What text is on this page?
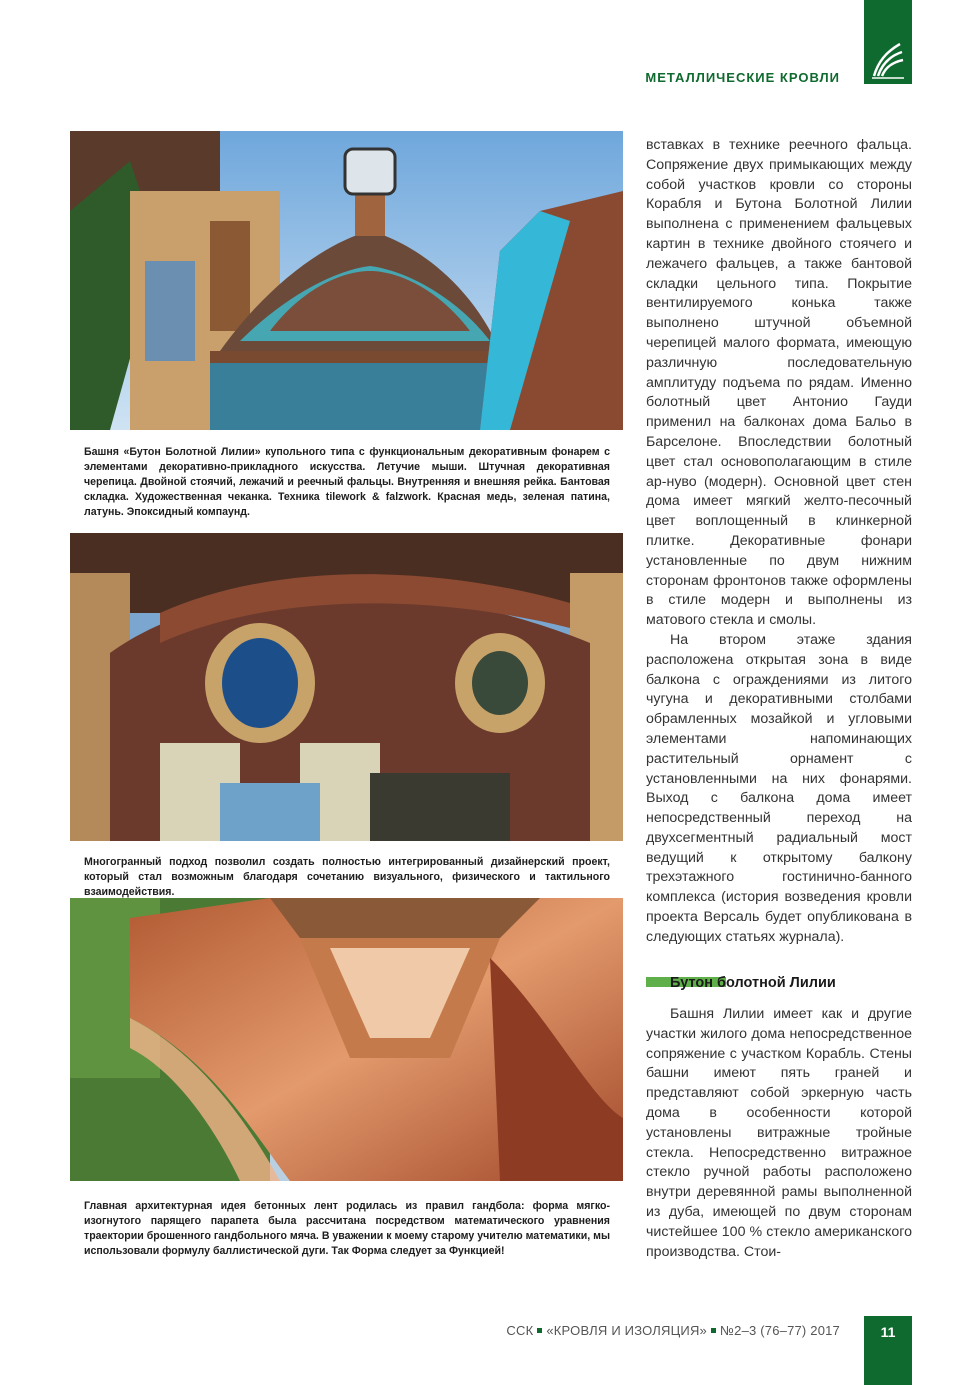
МЕТАЛЛИЧЕСКИЕ КРОВЛИ
Башня «Бутон Болотной Лилии» купольного типа с функциональным декоративным фонарем с элементами декоративно-прикладного искусства. Летучие мыши. Штучная декоративная черепица. Двойной стоячий, лежачий и реечный фальцы. Внутренняя и внешняя рейка. Бантовая складка. Художественная чеканка. Техника tilework & falzwork. Красная медь, зеленая патина, латунь. Эпоксидный компаунд.
Многогранный подход позволил создать полностью интегрированный дизайнерский проект, который стал возможным благодаря сочетанию визуального, физического и тактильного взаимодействия.
Главная архитектурная идея бетонных лент родилась из правил гандбола: форма мягко-изогнутого парящего парапета была рассчитана посредством математического уравнения траектории брошенного гандбольного мяча. В уважении к моему старому учителю математики, мы использовали формулу баллистической дуги. Так Форма следует за Функцией!

вставках в технике реечного фальца. Сопряжение двух примыкающих между собой участков кровли со стороны Корабля и Бутона Болотной Лилии выполнена с применением фальцевых картин в технике двойного стоячего и лежачего фальцев, а также бантовой складки цельного типа. Покрытие вентилируемого конька также выполнено штучной объемной черепицей малого формата, имеющую различную последовательную амплитуду подъема по рядам. Именно болотный цвет Антонио Гауди применил на балконах дома Бальо в Барселоне. Впоследствии болотный цвет стал основополагающим в стиле ар-нуво (модерн). Основной цвет стен дома имеет мягкий желто-песочный цвет воплощенный в клинкерной плитке. Декоративные фонари установленные по двум нижним сторонам фронтонов также оформлены в стиле модерн и выполнены из матового стекла и смолы.

На втором этаже здания расположена открытая зона в виде балкона с ограждениями из литого чугуна и декоративными столбами обрамленных мозайкой и угловыми элементами напоминающих растительный орнамент с установленными на них фонарями. Выход с балкона дома имеет непосредственный переход на двухсегментный радиальный мост ведущий к открытому балкону трехэтажного гостинично-банного комплекса (история возведения кровли проекта Версаль будет опубликована в следующих статьях журнала).

Бутон болотной Лилии

Башня Лилии имеет как и другие участки жилого дома непосредственное сопряжение с участком Корабль. Стены башни имеют пять граней и представляют собой эркерную часть дома в особенности которой установлены витражные тройные стекла. Непосредственно витражное стекло ручной работы расположено внутри деревянной рамы выполненной из дуба, имеющей по двум сторонам чистейшее 100 % стекло американского производства. Стои-

ССК «КРОВЛЯ И ИЗОЛЯЦИЯ» №2–3 (76–77) 2017	11
